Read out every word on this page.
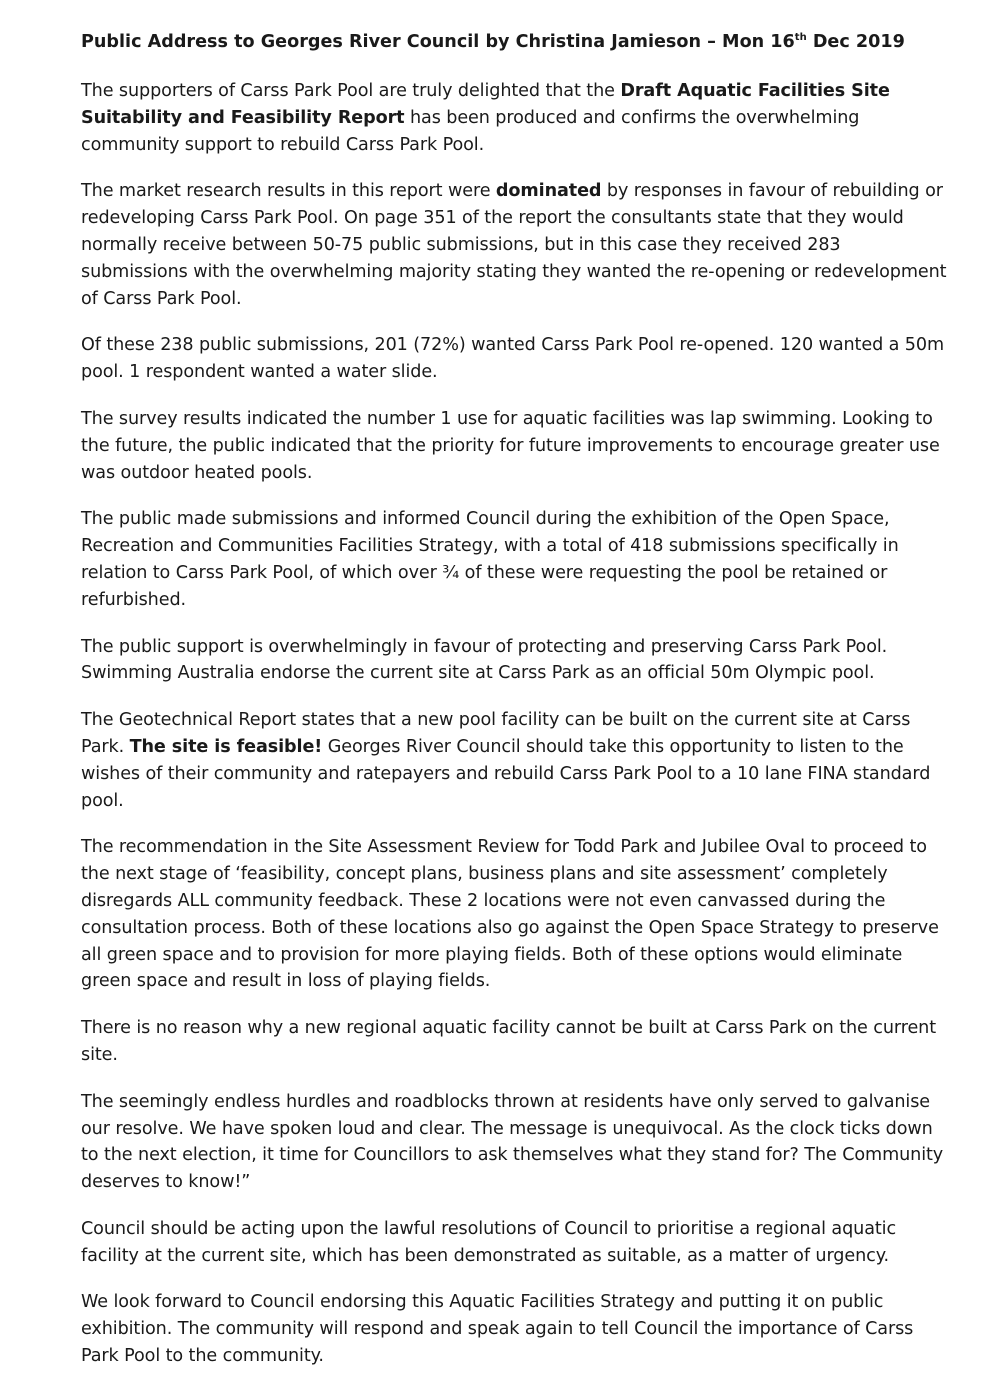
Public Address to Georges River Council by Christina Jamieson – Mon 16th Dec 2019

The supporters of Carss Park Pool are truly delighted that the Draft Aquatic Facilities Site Suitability and Feasibility Report has been produced and confirms the overwhelming community support to rebuild Carss Park Pool.

The market research results in this report were dominated by responses in favour of rebuilding or redeveloping Carss Park Pool. On page 351 of the report the consultants state that they would normally receive between 50-75 public submissions, but in this case they received 283 submissions with the overwhelming majority stating they wanted the re-opening or redevelopment of Carss Park Pool.

Of these 238 public submissions, 201 (72%) wanted Carss Park Pool re-opened. 120 wanted a 50m pool. 1 respondent wanted a water slide.

The survey results indicated the number 1 use for aquatic facilities was lap swimming. Looking to the future, the public indicated that the priority for future improvements to encourage greater use was outdoor heated pools.

The public made submissions and informed Council during the exhibition of the Open Space, Recreation and Communities Facilities Strategy, with a total of 418 submissions specifically in relation to Carss Park Pool, of which over ¾ of these were requesting the pool be retained or refurbished.

The public support is overwhelmingly in favour of protecting and preserving Carss Park Pool. Swimming Australia endorse the current site at Carss Park as an official 50m Olympic pool.

The Geotechnical Report states that a new pool facility can be built on the current site at Carss Park. The site is feasible! Georges River Council should take this opportunity to listen to the wishes of their community and ratepayers and rebuild Carss Park Pool to a 10 lane FINA standard pool.

The recommendation in the Site Assessment Review for Todd Park and Jubilee Oval to proceed to the next stage of ‘feasibility, concept plans, business plans and site assessment’ completely disregards ALL community feedback. These 2 locations were not even canvassed during the consultation process. Both of these locations also go against the Open Space Strategy to preserve all green space and to provision for more playing fields. Both of these options would eliminate green space and result in loss of playing fields.

There is no reason why a new regional aquatic facility cannot be built at Carss Park on the current site.

The seemingly endless hurdles and roadblocks thrown at residents have only served to galvanise our resolve. We have spoken loud and clear. The message is unequivocal. As the clock ticks down to the next election, it time for Councillors to ask themselves what they stand for? The Community deserves to know!”

Council should be acting upon the lawful resolutions of Council to prioritise a regional aquatic facility at the current site, which has been demonstrated as suitable, as a matter of urgency.

We look forward to Council endorsing this Aquatic Facilities Strategy and putting it on public exhibition. The community will respond and speak again to tell Council the importance of Carss Park Pool to the community.
